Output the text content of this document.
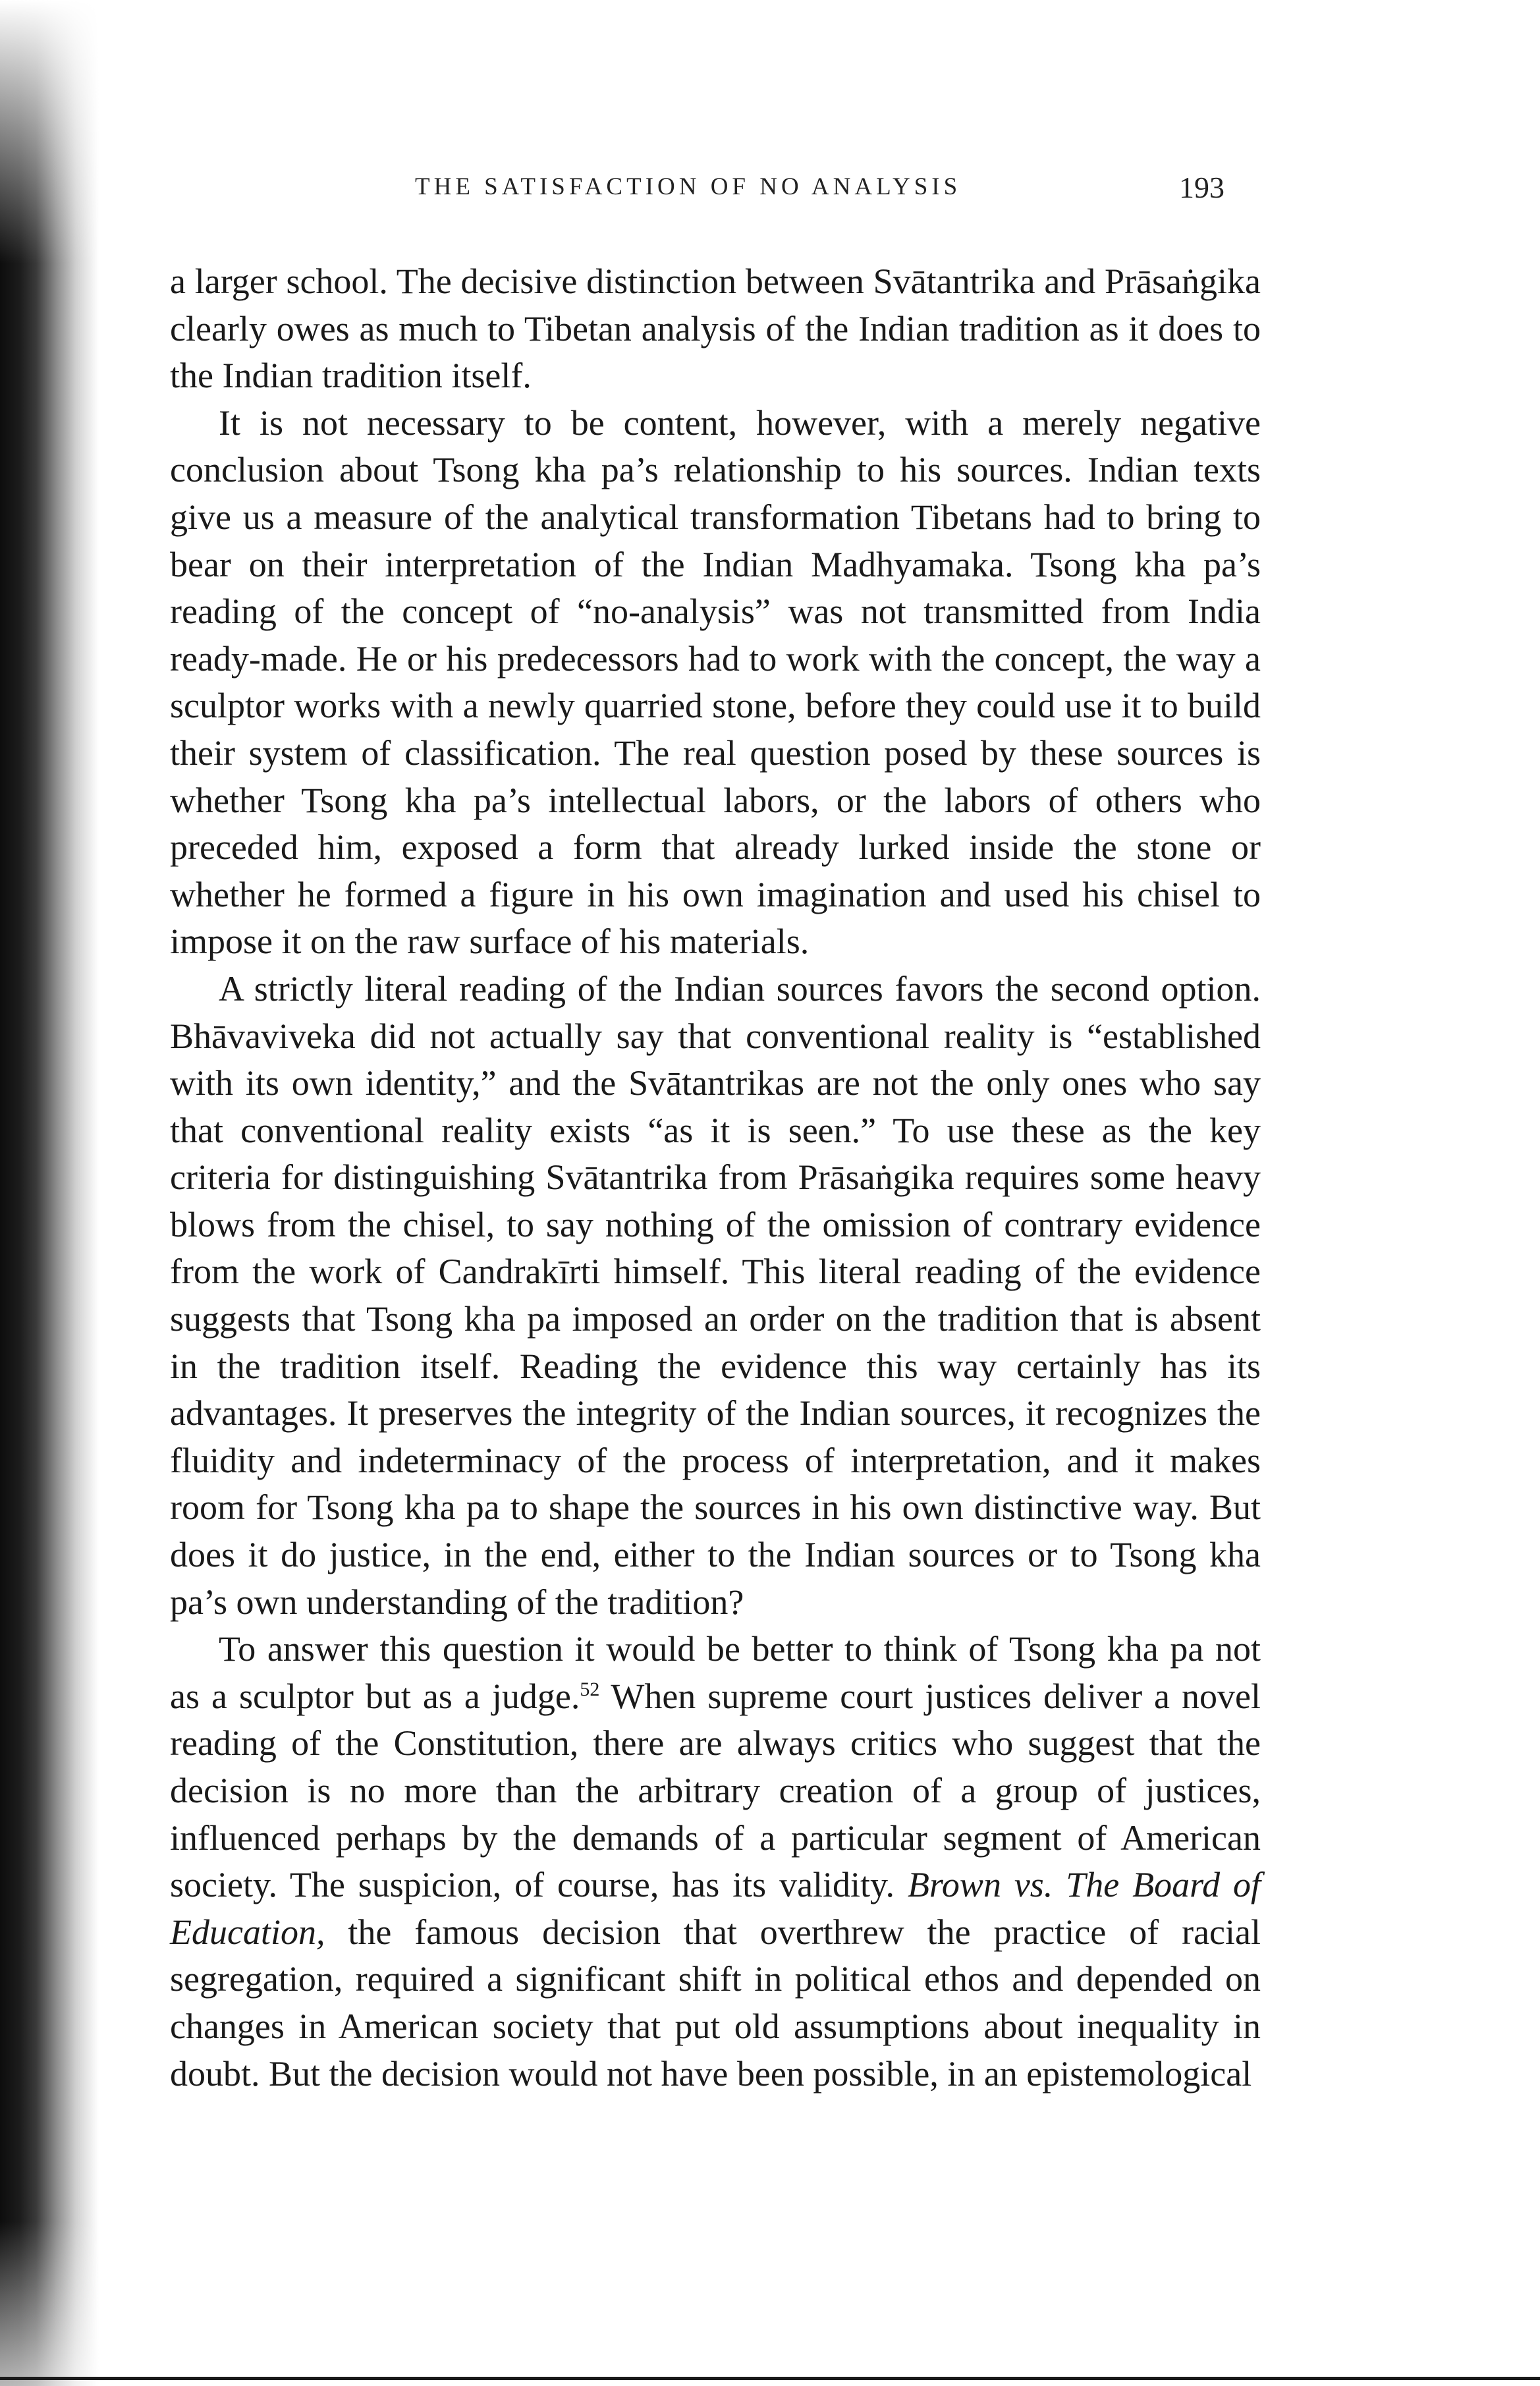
THE SATISFACTION OF NO ANALYSIS	193

a larger school. The decisive distinction between Svātantrika and Prāsaṅgika clearly owes as much to Tibetan analysis of the Indian tradition as it does to the Indian tradition itself.

It is not necessary to be content, however, with a merely negative conclusion about Tsong kha pa’s relationship to his sources. Indian texts give us a measure of the analytical transformation Tibetans had to bring to bear on their interpretation of the Indian Madhyamaka. Tsong kha pa’s reading of the concept of “no-analysis” was not transmitted from India ready-made. He or his predecessors had to work with the concept, the way a sculptor works with a newly quarried stone, before they could use it to build their system of classification. The real question posed by these sources is whether Tsong kha pa’s intellectual labors, or the labors of others who preceded him, exposed a form that already lurked inside the stone or whether he formed a figure in his own imagination and used his chisel to impose it on the raw surface of his materials.

A strictly literal reading of the Indian sources favors the second option. Bhāvaviveka did not actually say that conventional reality is “established with its own identity,” and the Svātantrikas are not the only ones who say that conventional reality exists “as it is seen.” To use these as the key criteria for distinguishing Svātantrika from Prāsaṅgika requires some heavy blows from the chisel, to say nothing of the omission of contrary evidence from the work of Candrakīrti himself. This literal reading of the evidence suggests that Tsong kha pa imposed an order on the tradition that is absent in the tradition itself. Reading the evidence this way certainly has its advantages. It preserves the integrity of the Indian sources, it recognizes the fluidity and indeterminacy of the process of interpretation, and it makes room for Tsong kha pa to shape the sources in his own distinctive way. But does it do justice, in the end, either to the Indian sources or to Tsong kha pa’s own understanding of the tradition?

To answer this question it would be better to think of Tsong kha pa not as a sculptor but as a judge.$^{52}$ When supreme court justices deliver a novel reading of the Constitution, there are always critics who suggest that the decision is no more than the arbitrary creation of a group of justices, influenced perhaps by the demands of a particular segment of American society. The suspicion, of course, has its validity. Brown vs. The Board of Education, the famous decision that overthrew the practice of racial segregation, required a significant shift in political ethos and depended on changes in American society that put old assumptions about inequality in doubt. But the decision would not have been possible, in an epistemological
